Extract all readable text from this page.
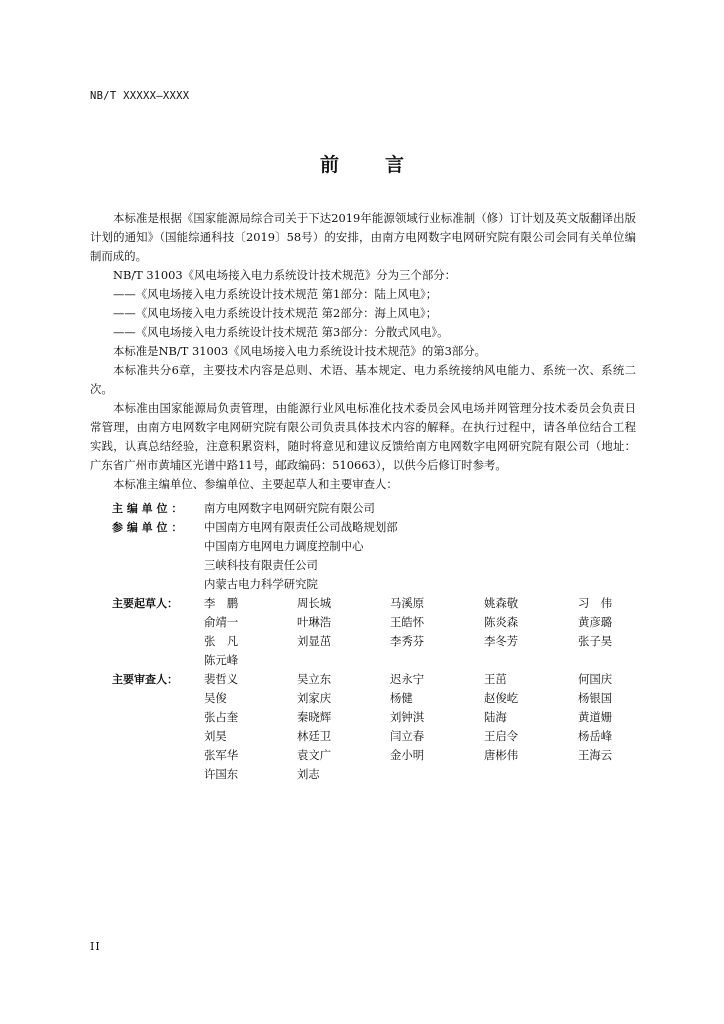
NB/T XXXXX—XXXX
前 言

本标准是根据《国家能源局综合司关于下达2019年能源领域行业标准制（修）订计划及英文版翻译出版计划的通知》（国能综通科技〔2019〕58号）的安排，由南方电网数字电网研究院有限公司会同有关单位编制而成的。

NB/T 31003《风电场接入电力系统设计技术规范》分为三个部分：

——《风电场接入电力系统设计技术规范 第1部分：陆上风电》；

——《风电场接入电力系统设计技术规范 第2部分：海上风电》；

——《风电场接入电力系统设计技术规范 第3部分：分散式风电》。

本标准是NB/T 31003《风电场接入电力系统设计技术规范》的第3部分。

本标准共分6章，主要技术内容是总则、术语、基本规定、电力系统接纳风电能力、系统一次、系统二次。

本标准由国家能源局负责管理，由能源行业风电标准化技术委员会风电场并网管理分技术委员会负责日常管理，由南方电网数字电网研究院有限公司负责具体技术内容的解释。在执行过程中，请各单位结合工程实践，认真总结经验，注意积累资料，随时将意见和建议反馈给南方电网数字电网研究院有限公司（地址：广东省广州市黄埔区光谱中路11号，邮政编码：510663），以供今后修订时参考。

本标准主编单位、参编单位、主要起草人和主要审查人：

主 编 单 位 ：	南方电网数字电网研究院有限公司
参 编 单 位 ：	中国南方电网有限责任公司战略规划部
中国南方电网电力调度控制中心
三峡科技有限责任公司
内蒙古电力科学研究院
主要起草人：	李　鹏	周长城	马溪原	姚森敬	习　伟
俞靖一	叶琳浩	王皓怀	陈炎森	黄彦璐
张　凡	刘显茁	李秀芬	李冬芳	张子昊
陈元峰
主要审查人：	裴哲义	吴立东	迟永宁	王茁	何国庆
吴俊	刘家庆	杨健	赵俊屹	杨银国
张占奎	秦晓辉	刘钟淇	陆海	黄道姗
刘昊	林廷卫	闫立春	王启令	杨岳峰
张军华	袁文广	金小明	唐彬伟	王海云
许国东	刘志
II
